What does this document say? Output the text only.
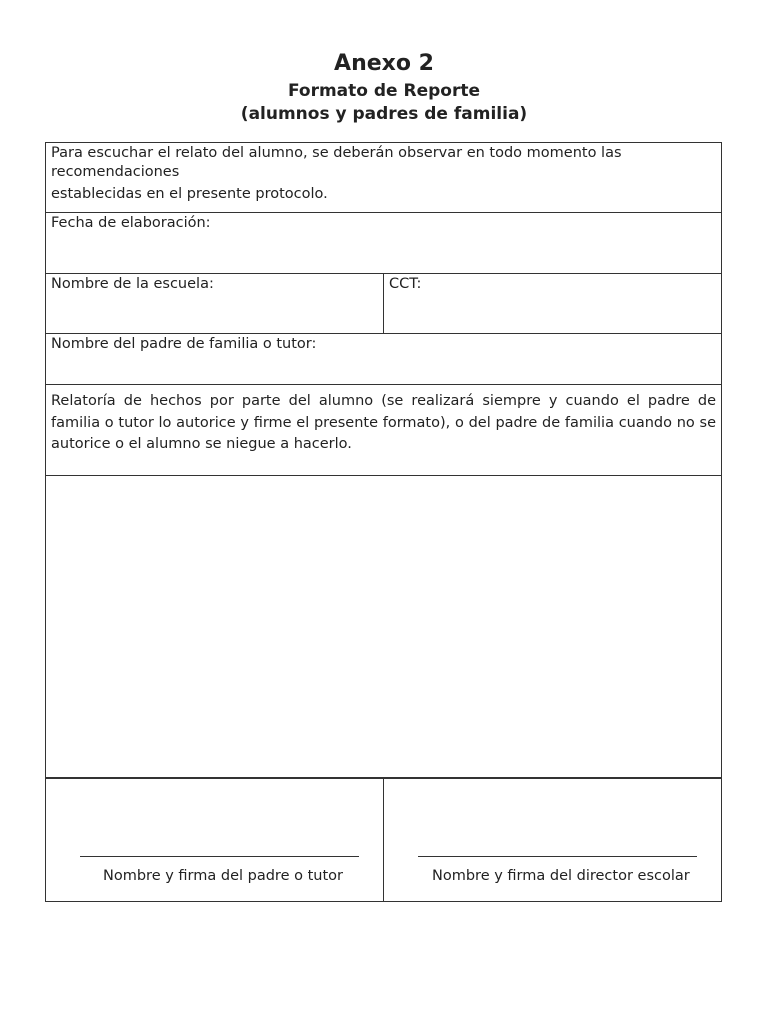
Anexo 2
Formato de Reporte
(alumnos y padres de familia)
Para escuchar el relato del alumno, se deberán observar en todo momento las recomendaciones
establecidas en el presente protocolo.
Fecha de elaboración:
Nombre de la escuela:	CCT:
Nombre del padre de familia o tutor:
Relatoría de hechos por parte del alumno (se realizará siempre y cuando el padre de familia o tutor lo autorice y firme el presente formato), o del padre de familia cuando no se autorice o el alumno se niegue a hacerlo.
Nombre y firma del padre o tutor	Nombre y firma del director escolar
